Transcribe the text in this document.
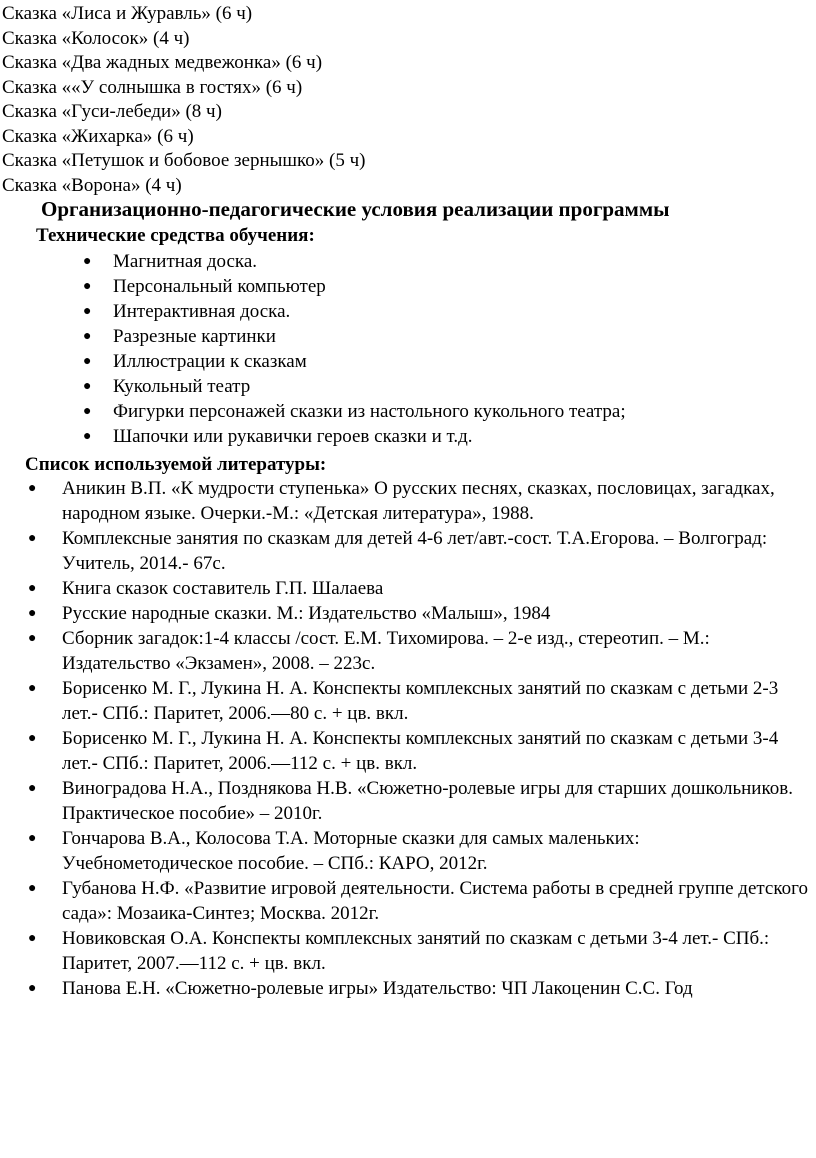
Сказка «Лиса и Журавль» (6 ч)
Сказка «Колосок» (4 ч)
Сказка «Два жадных медвежонка» (6 ч)
Сказка ««У солнышка в гостях» (6 ч)
Сказка «Гуси-лебеди» (8 ч)
Сказка «Жихарка» (6 ч)
Сказка «Петушок и бобовое зернышко» (5 ч)
Сказка «Ворона» (4 ч)
Организационно-педагогические условия реализации программы
Технические средства обучения:
● Магнитная доска.
● Персональный компьютер
● Интерактивная доска.
● Разрезные картинки
● Иллюстрации к сказкам
● Кукольный театр
● Фигурки персонажей сказки из настольного кукольного театра;
● Шапочки или рукавички героев сказки и т.д.
Список используемой литературы:
● Аникин В.П. «К мудрости ступенька» О русских песнях, сказках, пословицах, загадках, народном языке. Очерки.-М.: «Детская литература», 1988.
● Комплексные занятия по сказкам для детей 4-6 лет/авт.-сост. Т.А.Егорова. – Волгоград: Учитель, 2014.- 67с.
● Книга сказок составитель Г.П. Шалаева
● Русские народные сказки. М.: Издательство «Малыш», 1984
● Сборник загадок:1-4 классы /сост. Е.М. Тихомирова. – 2-е изд., стереотип. – М.: Издательство «Экзамен», 2008. – 223с.
● Борисенко М. Г., Лукина Н. А. Конспекты комплексных занятий по сказкам с детьми 2-3 лет.- СПб.: Паритет, 2006.—80 с. + цв. вкл.
● Борисенко М. Г., Лукина Н. А. Конспекты комплексных занятий по сказкам с детьми 3-4 лет.- СПб.: Паритет, 2006.—112 с. + цв. вкл.
● Виноградова Н.А., Позднякова Н.В. «Сюжетно-ролевые игры для старших дошкольников. Практическое пособие» – 2010г.
● Гончарова В.А., Колосова Т.А. Моторные сказки для самых маленьких: Учебнометодическое пособие. – СПб.: КАРО, 2012г.
● Губанова Н.Ф. «Развитие игровой деятельности. Система работы в средней группе детского сада»: Мозаика-Синтез; Москва. 2012г.
● Новиковская О.А. Конспекты комплексных занятий по сказкам с детьми 3-4 лет.- СПб.: Паритет, 2007.—112 с. + цв. вкл.
● Панова Е.Н. «Сюжетно-ролевые игры» Издательство: ЧП Лакоценин С.С. Год
